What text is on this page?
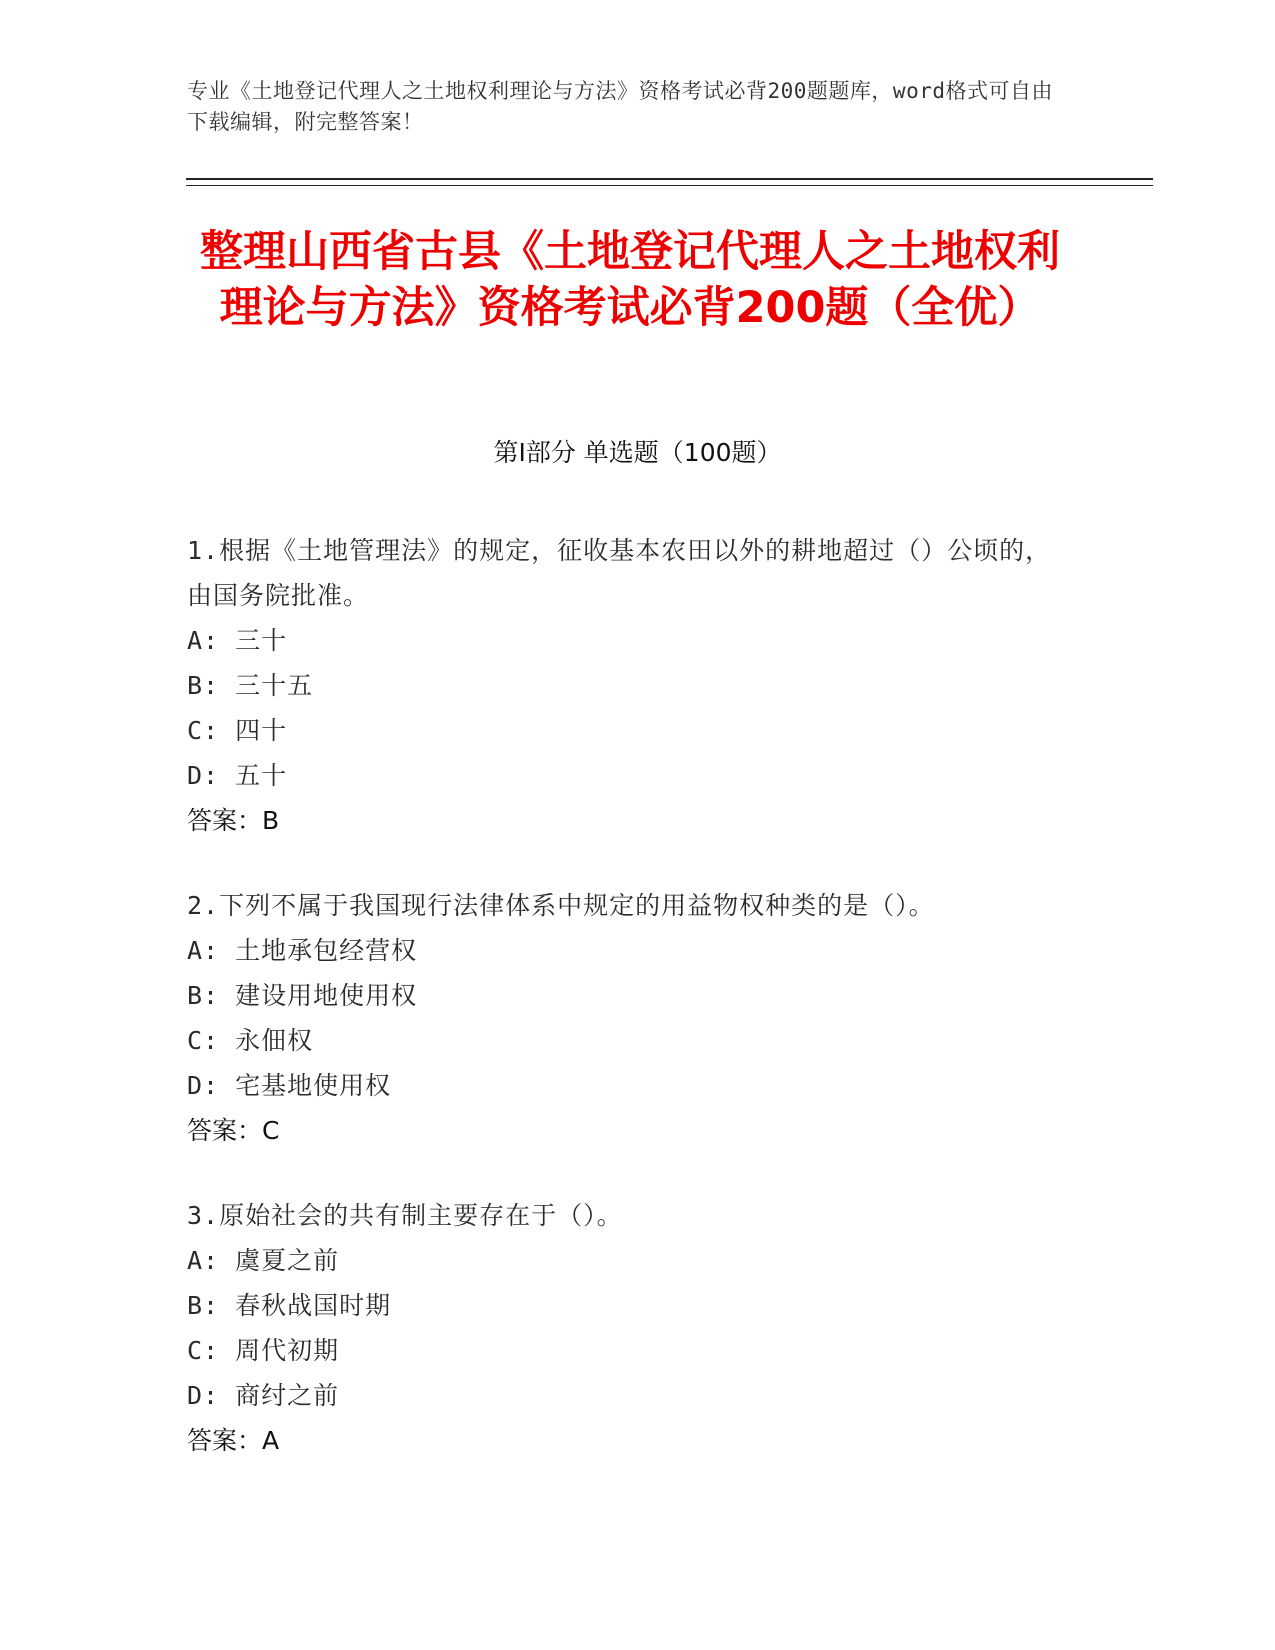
专业《土地登记代理人之土地权利理论与方法》资格考试必背200题题库，word格式可自由下载编辑，附完整答案！
整理山西省古县《土地登记代理人之土地权利理论与方法》资格考试必背200题（全优）
第Ⅰ部分 单选题（100题）
1.根据《土地管理法》的规定，征收基本农田以外的耕地超过（）公顷的，由国务院批准。
A: 三十
B: 三十五
C: 四十
D: 五十
答案：B
2.下列不属于我国现行法律体系中规定的用益物权种类的是（）。
A: 土地承包经营权
B: 建设用地使用权
C: 永佃权
D: 宅基地使用权
答案：C
3.原始社会的共有制主要存在于（）。
A: 虞夏之前
B: 春秋战国时期
C: 周代初期
D: 商纣之前
答案：A
